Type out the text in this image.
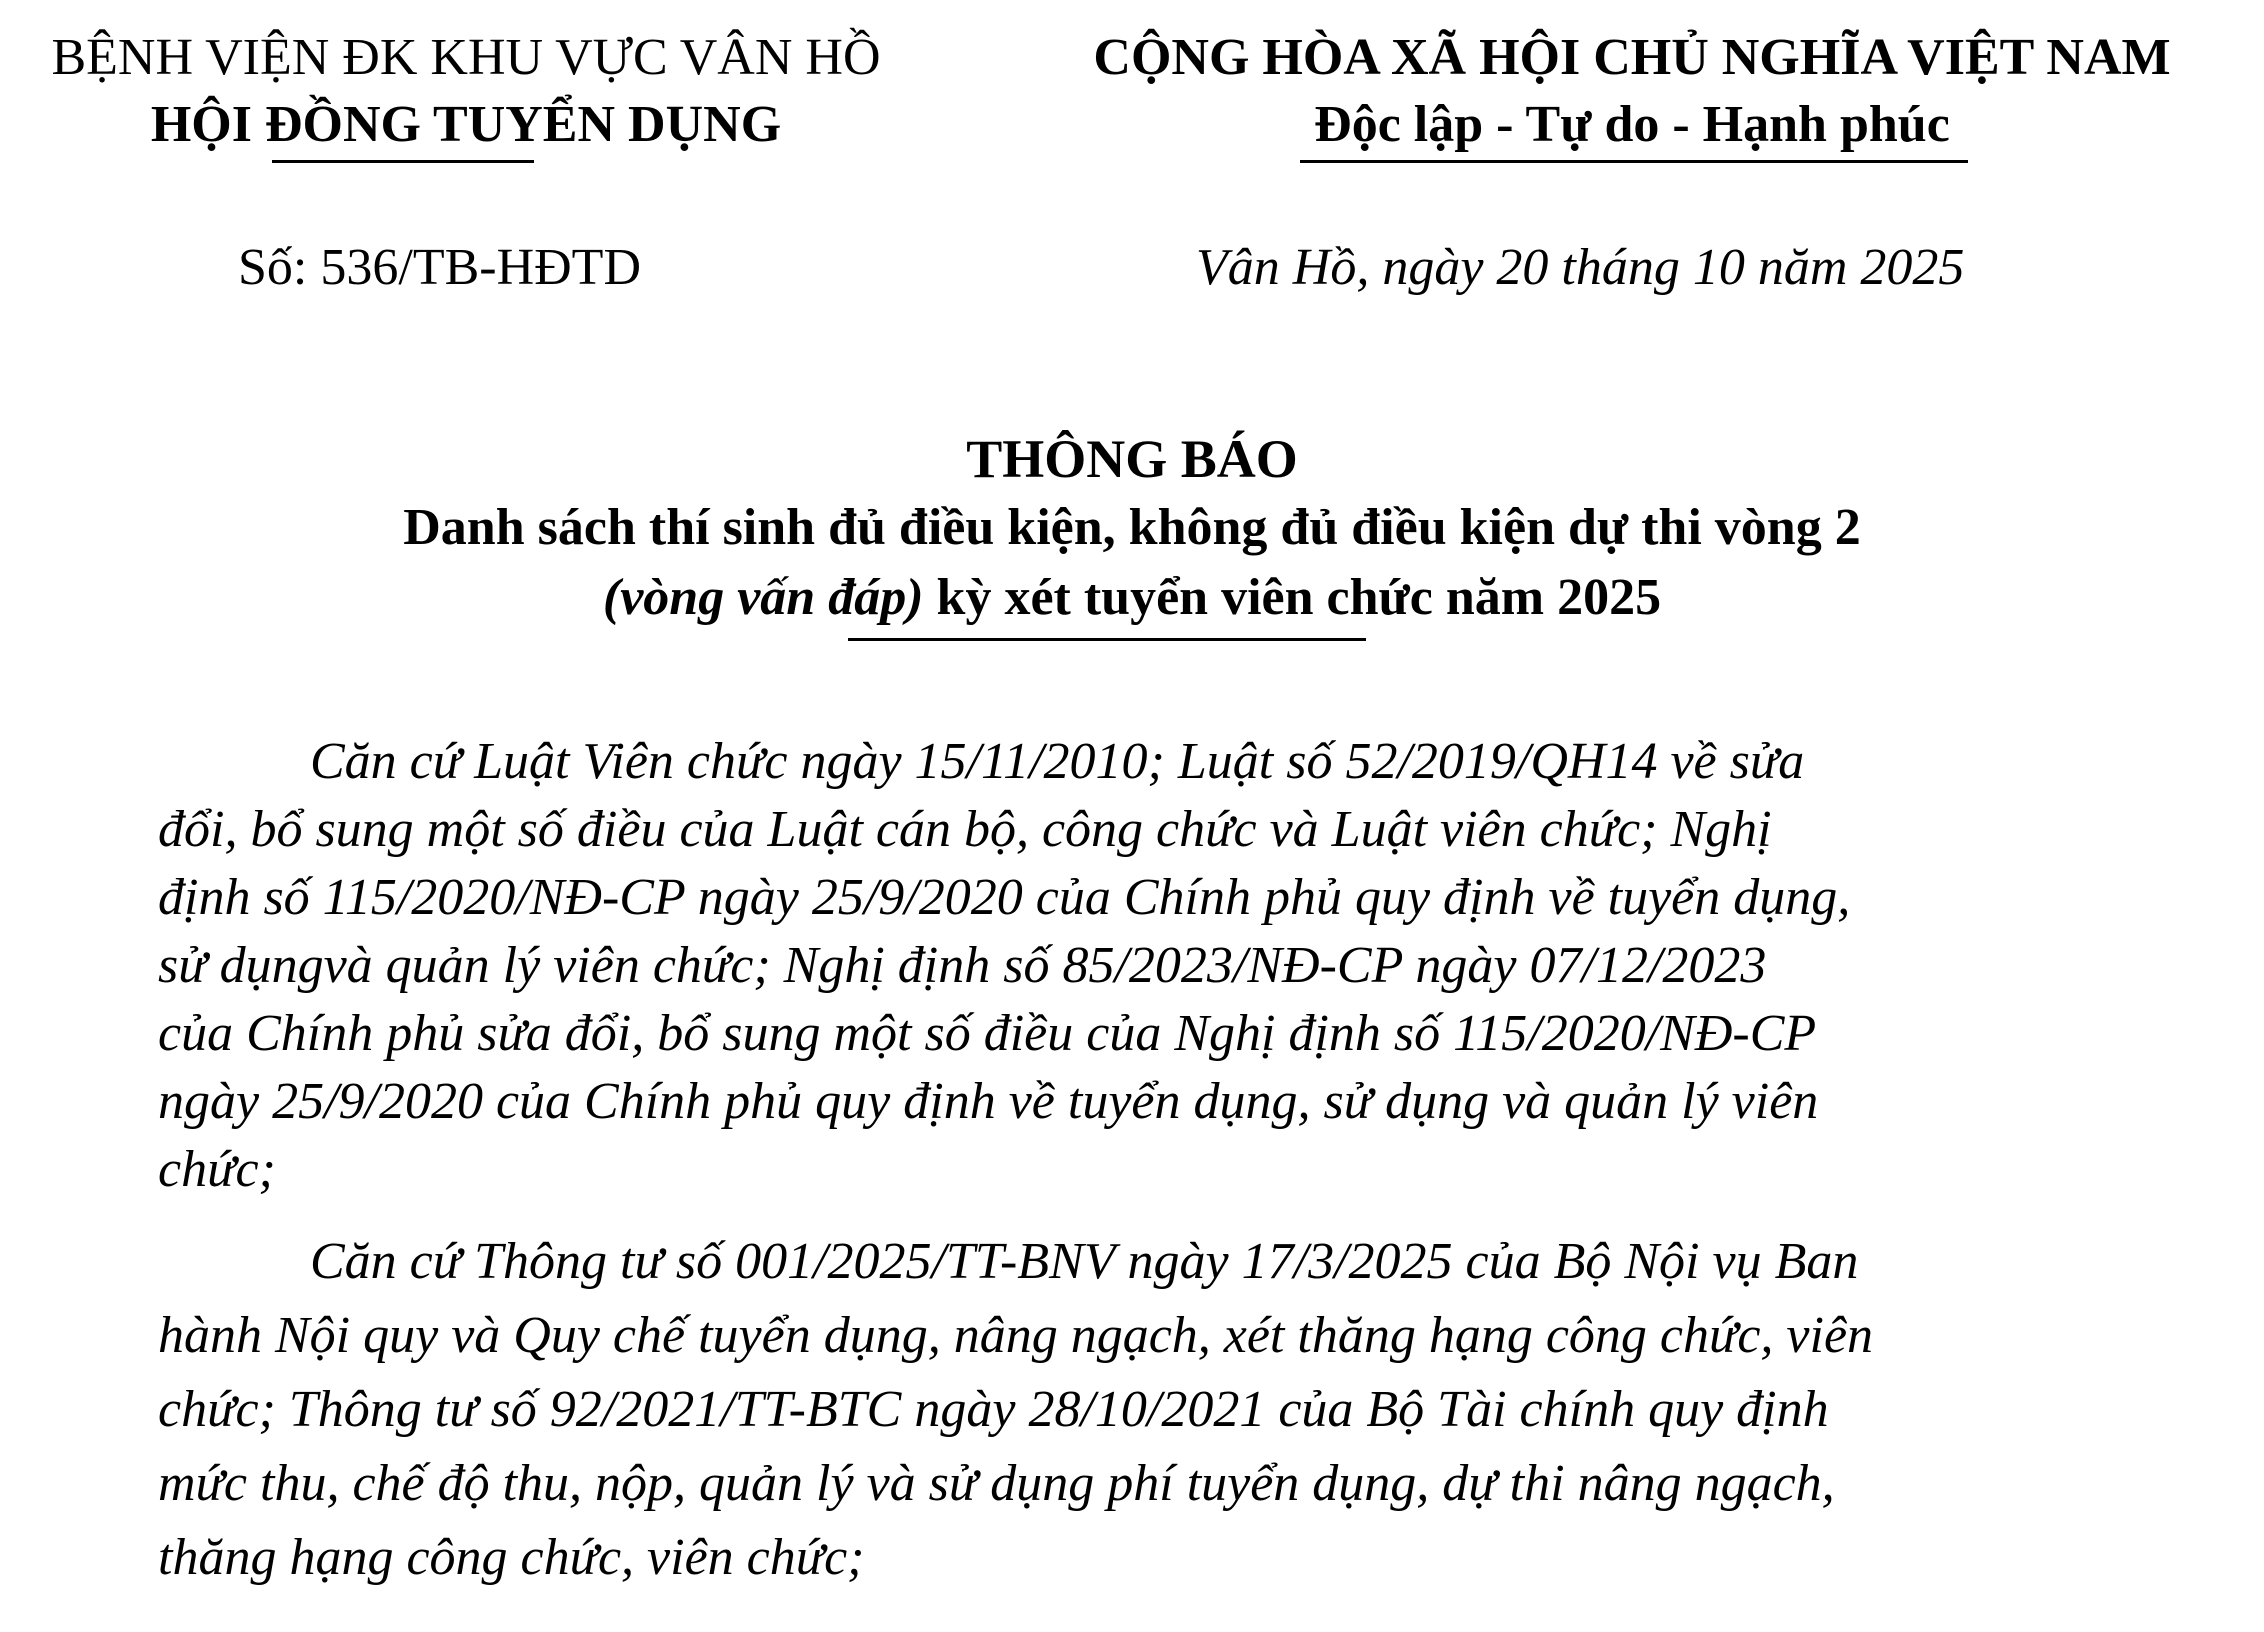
BỆNH VIỆN ĐK KHU VỰC VÂN HỒ
HỘI ĐỒNG TUYỂN DỤNG
CỘNG HÒA XÃ HỘI CHỦ NGHĨA VIỆT NAM
Độc lập - Tự do - Hạnh phúc
Số: 536/TB-HĐTD	Vân Hồ, ngày 20 tháng 10 năm 2025
THÔNG BÁO
Danh sách thí sinh đủ điều kiện, không đủ điều kiện dự thi vòng 2
(vòng vấn đáp) kỳ xét tuyển viên chức năm 2025
Căn cứ Luật Viên chức ngày 15/11/2010; Luật số 52/2019/QH14 về sửa
đổi, bổ sung một số điều của Luật cán bộ, công chức và Luật viên chức; Nghị
định số 115/2020/NĐ-CP ngày 25/9/2020 của Chính phủ quy định về tuyển dụng,
sử dụngvà quản lý viên chức; Nghị định số 85/2023/NĐ-CP ngày 07/12/2023
của Chính phủ sửa đổi, bổ sung một số điều của Nghị định số 115/2020/NĐ-CP
ngày 25/9/2020 của Chính phủ quy định về tuyển dụng, sử dụng và quản lý viên
chức;
Căn cứ Thông tư số 001/2025/TT-BNV ngày 17/3/2025 của Bộ Nội vụ Ban
hành Nội quy và Quy chế tuyển dụng, nâng ngạch, xét thăng hạng công chức, viên
chức; Thông tư số 92/2021/TT-BTC ngày 28/10/2021 của Bộ Tài chính quy định
mức thu, chế độ thu, nộp, quản lý và sử dụng phí tuyển dụng, dự thi nâng ngạch,
thăng hạng công chức, viên chức;
